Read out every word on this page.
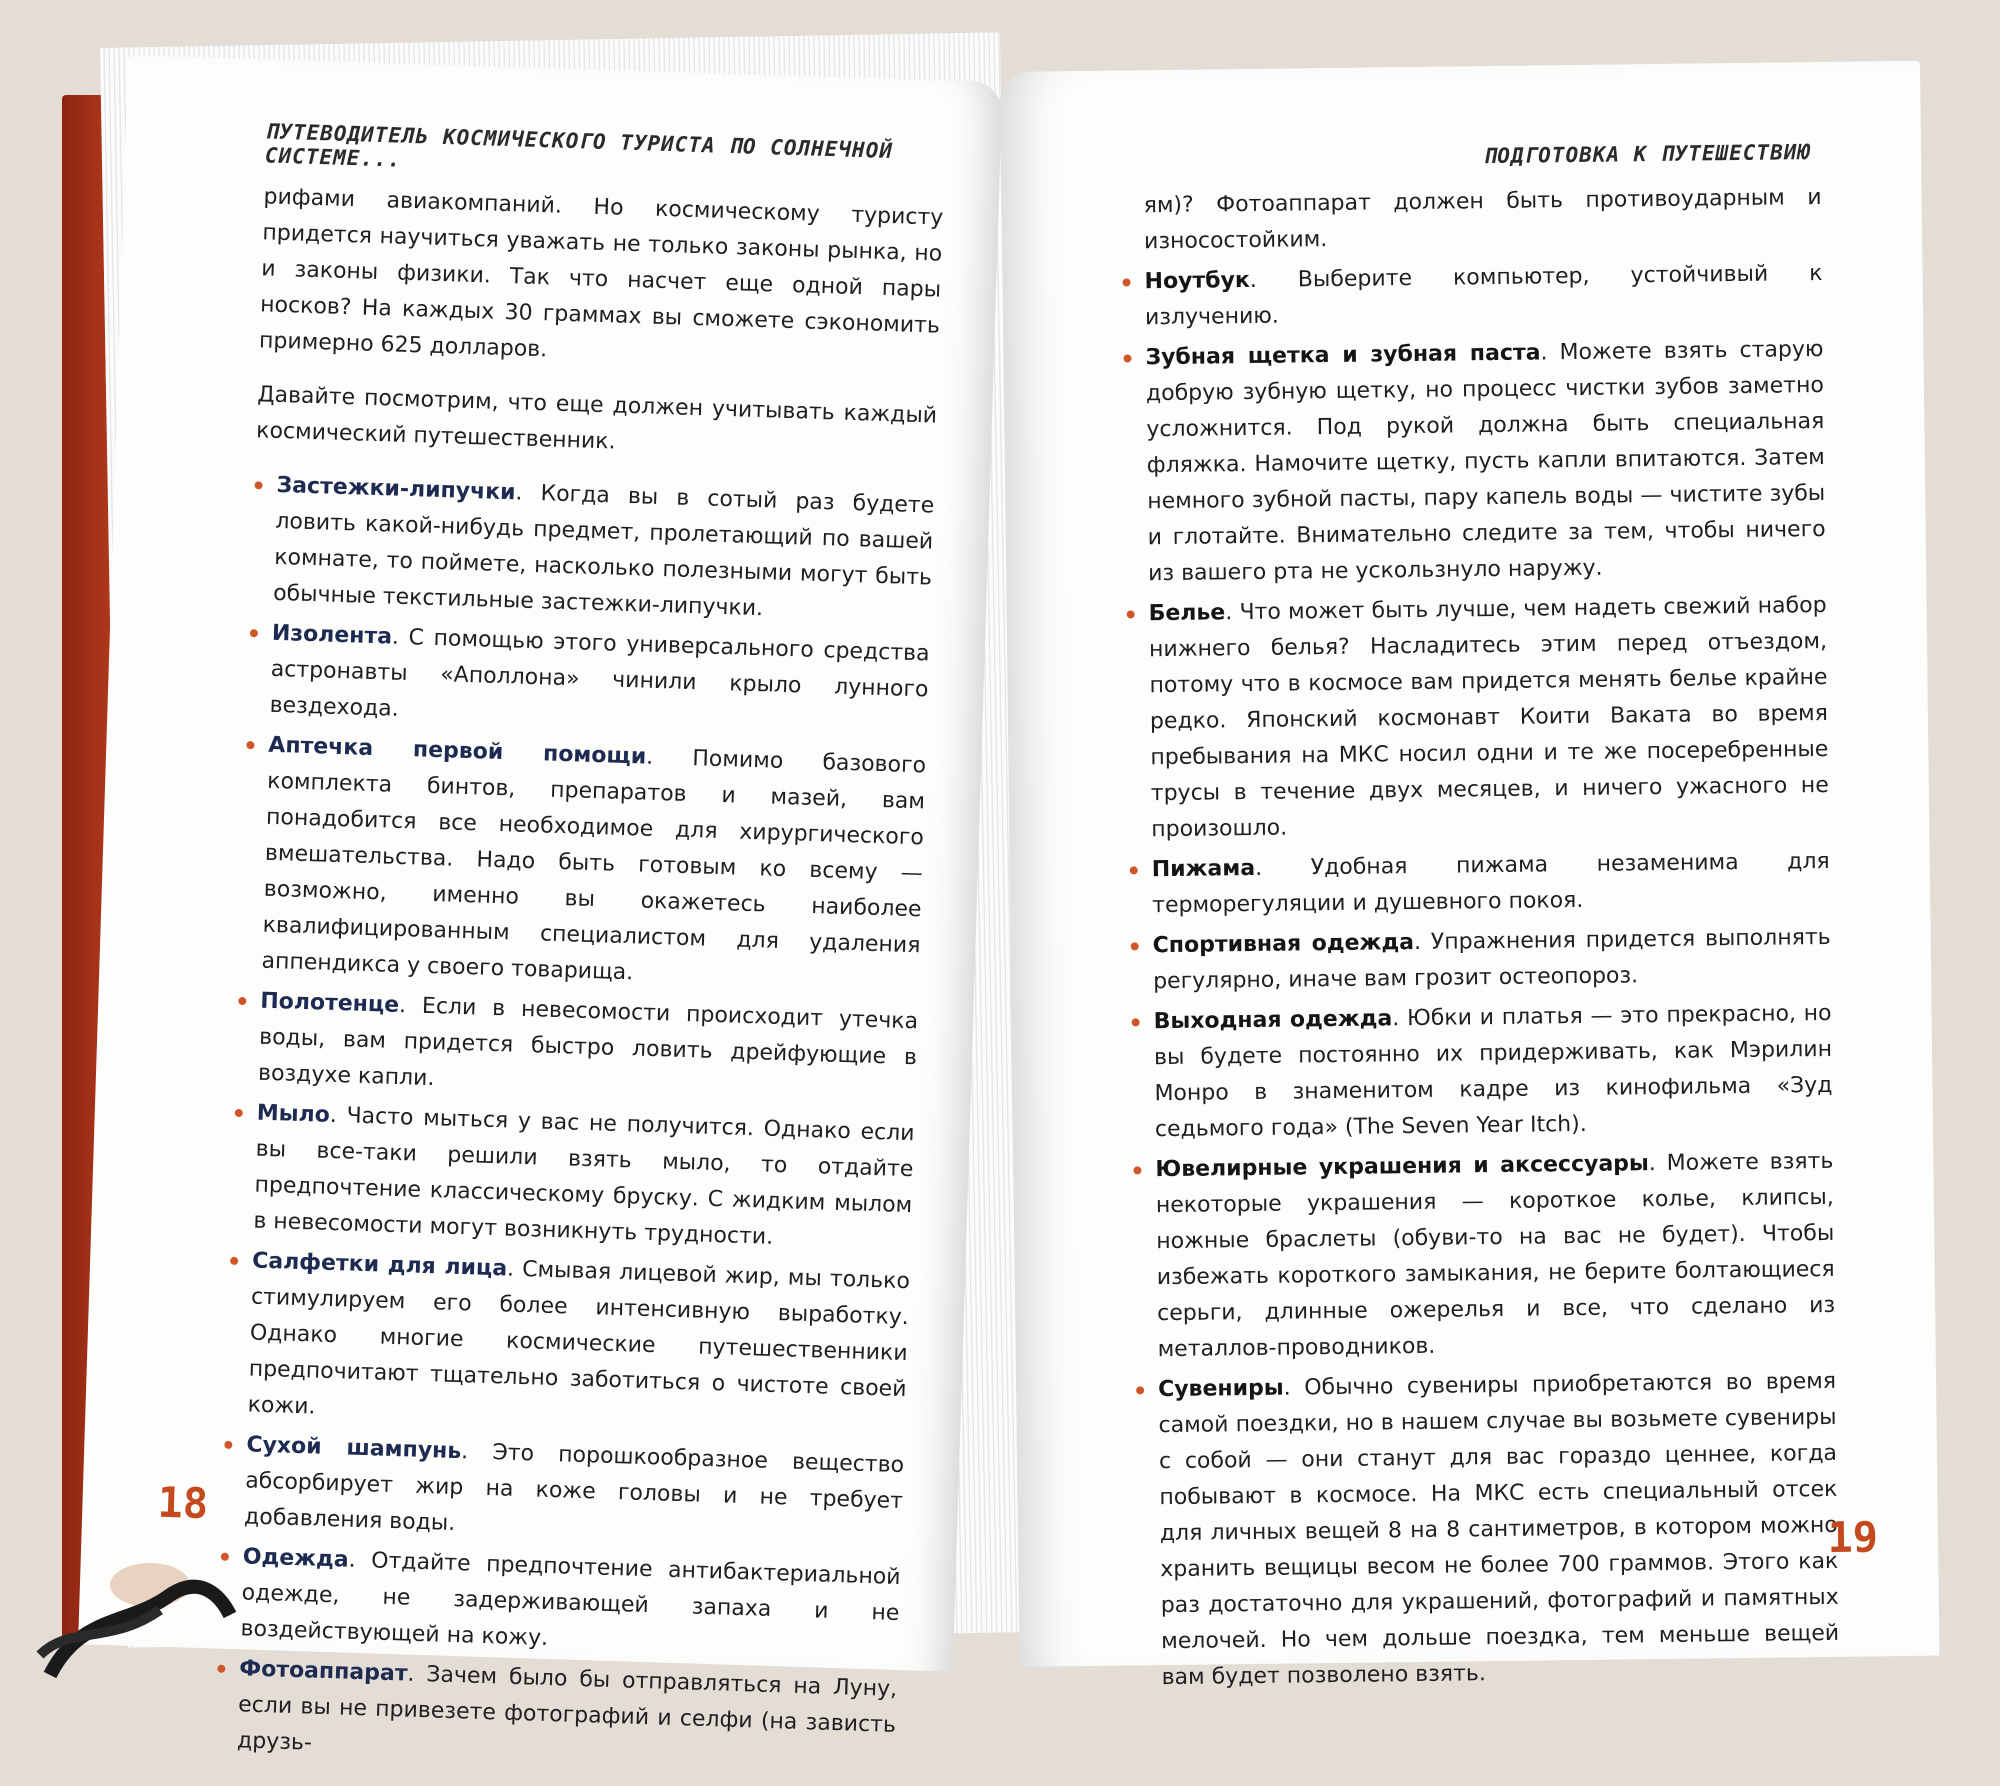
ПУТЕВОДИТЕЛЬ КОСМИЧЕСКОГО ТУРИСТА ПО СОЛНЕЧНОЙ СИСТЕМЕ...

рифами авиакомпаний. Но космическому туристу придется научиться уважать не только законы рынка, но и законы физики. Так что насчет еще одной пары носков? На каждых 30 граммах вы сможете сэкономить примерно 625 долларов.

Давайте посмотрим, что еще должен учитывать каждый космический путешественник.

Застежки-липучки. Когда вы в сотый раз будете ловить какой-нибудь предмет, пролетающий по вашей комнате, то поймете, насколько полезными могут быть обычные текстильные застежки-липучки.
Изолента. С помощью этого универсального средства астронавты «Аполлона» чинили крыло лунного вездехода.
Аптечка первой помощи. Помимо базового комплекта бинтов, препаратов и мазей, вам понадобится все необходимое для хирургического вмешательства. Надо быть готовым ко всему — возможно, именно вы окажетесь наиболее квалифицированным специалистом для удаления аппендикса у своего товарища.
Полотенце. Если в невесомости происходит утечка воды, вам придется быстро ловить дрейфующие в воздухе капли.
Мыло. Часто мыться у вас не получится. Однако если вы все-таки решили взять мыло, то отдайте предпочтение классическому бруску. С жидким мылом в невесомости могут возникнуть трудности.
Салфетки для лица. Смывая лицевой жир, мы только стимулируем его более интенсивную выработку. Однако многие космические путешественники предпочитают тщательно заботиться о чистоте своей кожи.
Сухой шампунь. Это порошкообразное вещество абсорбирует жир на коже головы и не требует добавления воды.
Одежда. Отдайте предпочтение антибактериальной одежде, не задерживающей запаха и не воздействующей на кожу.
Фотоаппарат. Зачем было бы отправляться на Луну, если вы не привезете фотографий и селфи (на зависть друзь-
18
ПОДГОТОВКА К ПУТЕШЕСТВИЮ
ям)? Фотоаппарат должен быть противоударным и износостойким.
Ноутбук. Выберите компьютер, устойчивый к излучению.
Зубная щетка и зубная паста. Можете взять старую добрую зубную щетку, но процесс чистки зубов заметно усложнится. Под рукой должна быть специальная фляжка. Намочите щетку, пусть капли впитаются. Затем немного зубной пасты, пару капель воды — чистите зубы и глотайте. Внимательно следите за тем, чтобы ничего из вашего рта не ускользнуло наружу.
Белье. Что может быть лучше, чем надеть свежий набор нижнего белья? Насладитесь этим перед отъездом, потому что в космосе вам придется менять белье крайне редко. Японский космонавт Коити Ваката во время пребывания на МКС носил одни и те же посеребренные трусы в течение двух месяцев, и ничего ужасного не произошло.
Пижама. Удобная пижама незаменима для терморегуляции и душевного покоя.
Спортивная одежда. Упражнения придется выполнять регулярно, иначе вам грозит остеопороз.
Выходная одежда. Юбки и платья — это прекрасно, но вы будете постоянно их придерживать, как Мэрилин Монро в знаменитом кадре из кинофильма «Зуд седьмого года» (The Seven Year Itch).
Ювелирные украшения и аксессуары. Можете взять некоторые украшения — короткое колье, клипсы, ножные браслеты (обуви-то на вас не будет). Чтобы избежать короткого замыкания, не берите болтающиеся серьги, длинные ожерелья и все, что сделано из металлов-проводников.
Сувениры. Обычно сувениры приобретаются во время самой поездки, но в нашем случае вы возьмете сувениры с собой — они станут для вас гораздо ценнее, когда побывают в космосе. На МКС есть специальный отсек для личных вещей 8 на 8 сантиметров, в котором можно хранить вещицы весом не более 700 граммов. Этого как раз достаточно для украшений, фотографий и памятных мелочей. Но чем дольше поездка, тем меньше вещей вам будет позволено взять.
19
